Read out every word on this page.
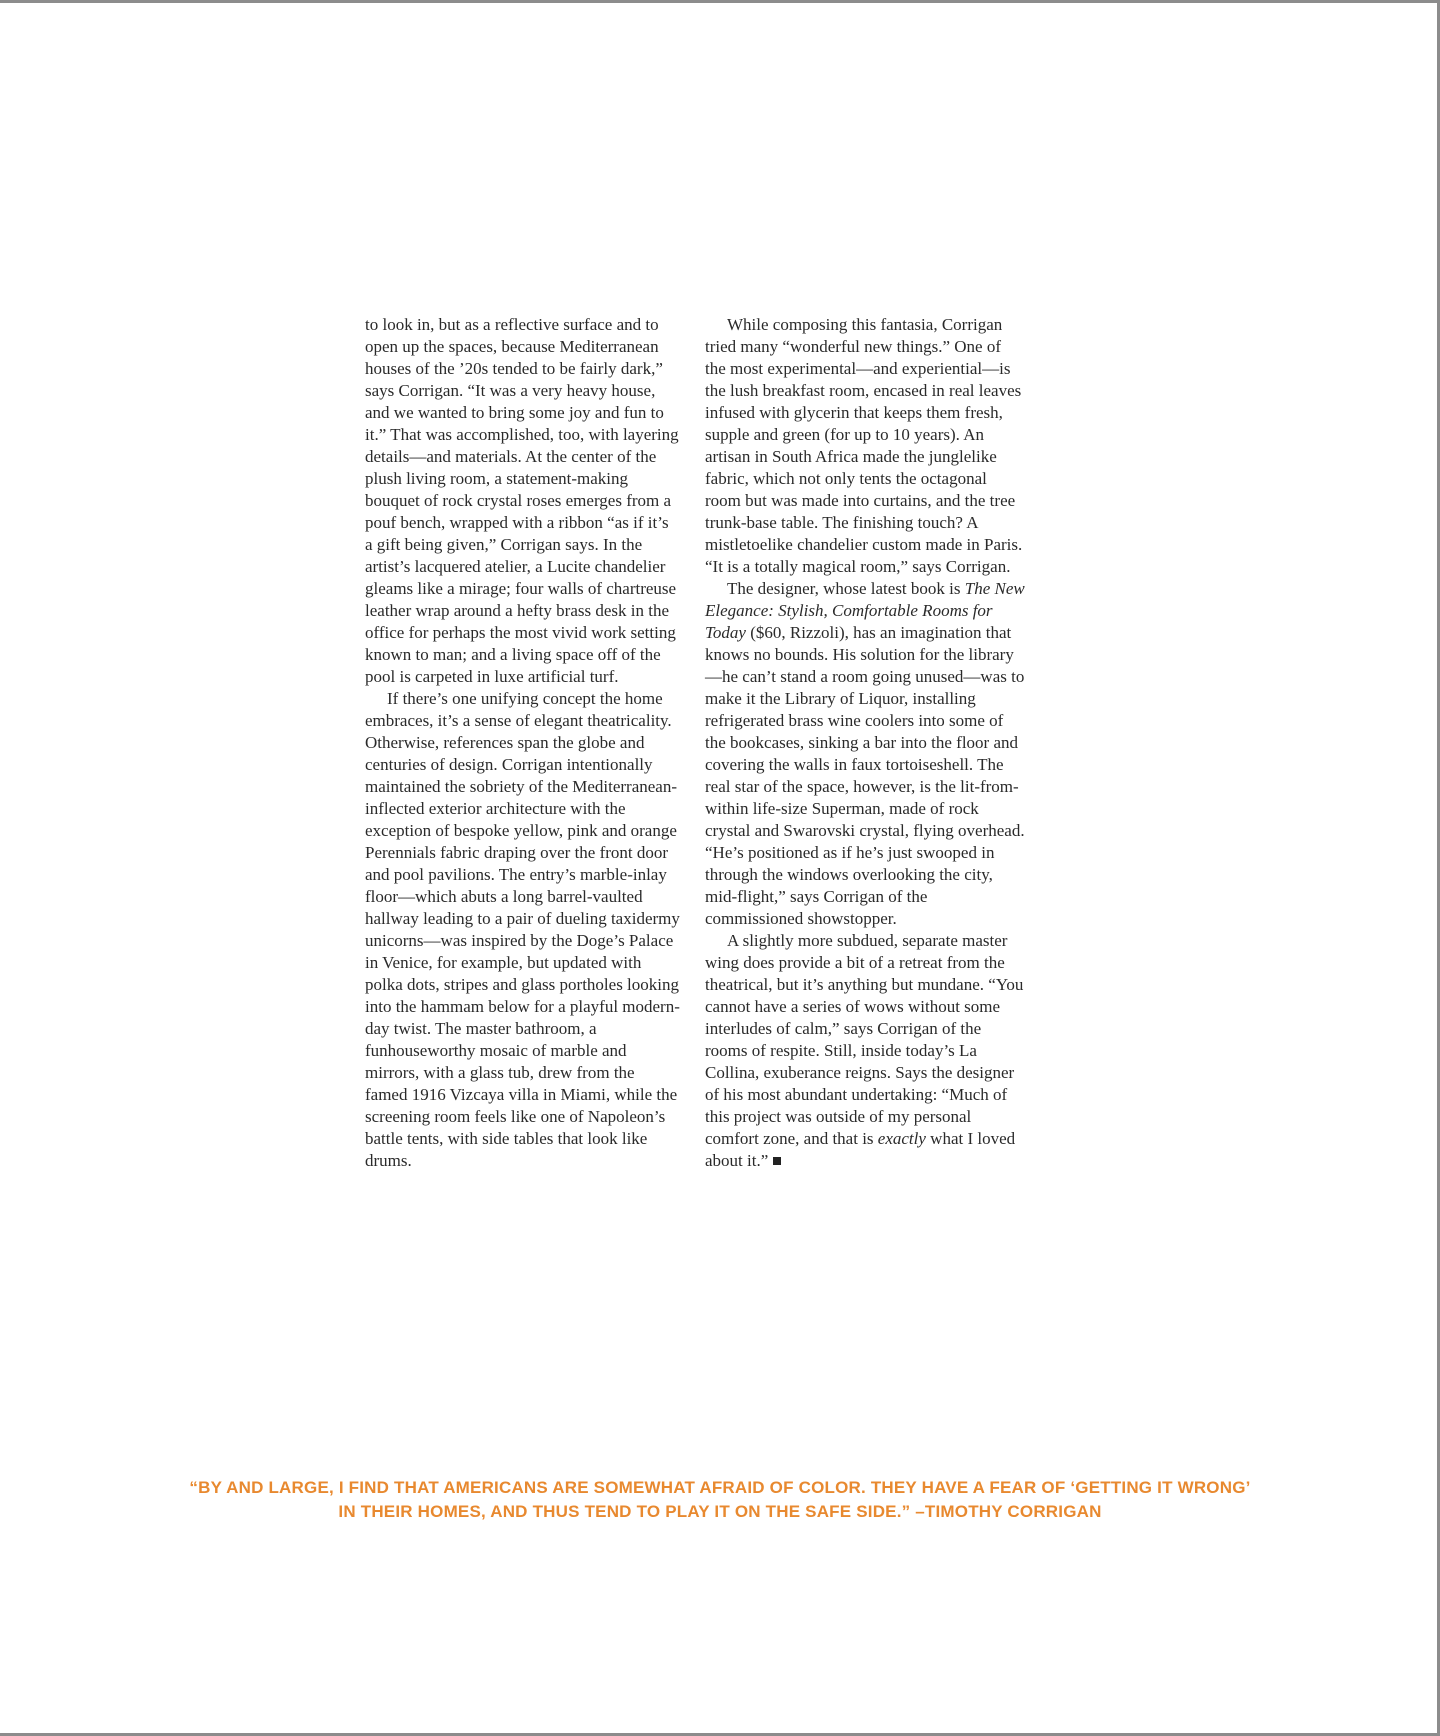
to look in, but as a reflective surface and to open up the spaces, because Mediterranean houses of the ’20s tended to be fairly dark,” says Corrigan. “It was a very heavy house, and we wanted to bring some joy and fun to it.” That was accomplished, too, with layering details—and materials. At the center of the plush living room, a statement-making bouquet of rock crystal roses emerges from a pouf bench, wrapped with a ribbon “as if it’s a gift being given,” Corrigan says. In the artist’s lacquered atelier, a Lucite chandelier gleams like a mirage; four walls of chartreuse leather wrap around a hefty brass desk in the office for perhaps the most vivid work setting known to man; and a living space off of the pool is carpeted in luxe artificial turf.

If there’s one unifying concept the home embraces, it’s a sense of elegant theatricality. Otherwise, references span the globe and centuries of design. Corrigan intentionally maintained the sobriety of the Mediterranean-inflected exterior architecture with the exception of bespoke yellow, pink and orange Perennials fabric draping over the front door and pool pavilions. The entry’s marble-inlay floor—which abuts a long barrel-vaulted hallway leading to a pair of dueling taxidermy unicorns—was inspired by the Doge’s Palace in Venice, for example, but updated with polka dots, stripes and glass portholes looking into the hammam below for a playful modern-day twist. The master bathroom, a funhouseworthy mosaic of marble and mirrors, with a glass tub, drew from the famed 1916 Vizcaya villa in Miami, while the screening room feels like one of Napoleon’s battle tents, with side tables that look like drums.

While composing this fantasia, Corrigan tried many “wonderful new things.” One of the most experimental—and experiential—is the lush breakfast room, encased in real leaves infused with glycerin that keeps them fresh, supple and green (for up to 10 years). An artisan in South Africa made the junglelike fabric, which not only tents the octagonal room but was made into curtains, and the tree trunk-base table. The finishing touch? A mistletoelike chandelier custom made in Paris. “It is a totally magical room,” says Corrigan.

The designer, whose latest book is The New Elegance: Stylish, Comfortable Rooms for Today ($60, Rizzoli), has an imagination that knows no bounds. His solution for the library—he can’t stand a room going unused—was to make it the Library of Liquor, installing refrigerated brass wine coolers into some of the bookcases, sinking a bar into the floor and covering the walls in faux tortoiseshell. The real star of the space, however, is the lit-from-within life-size Superman, made of rock crystal and Swarovski crystal, flying overhead. “He’s positioned as if he’s just swooped in through the windows overlooking the city, mid-flight,” says Corrigan of the commissioned showstopper.

A slightly more subdued, separate master wing does provide a bit of a retreat from the theatrical, but it’s anything but mundane. “You cannot have a series of wows without some interludes of calm,” says Corrigan of the rooms of respite. Still, inside today’s La Collina, exuberance reigns. Says the designer of his most abundant undertaking: “Much of this project was outside of my personal comfort zone, and that is exactly what I loved about it.”

“BY AND LARGE, I FIND THAT AMERICANS ARE SOMEWHAT AFRAID OF COLOR. THEY HAVE A FEAR OF ‘GETTING IT WRONG’
IN THEIR HOMES, AND THUS TEND TO PLAY IT ON THE SAFE SIDE.” –TIMOTHY CORRIGAN
